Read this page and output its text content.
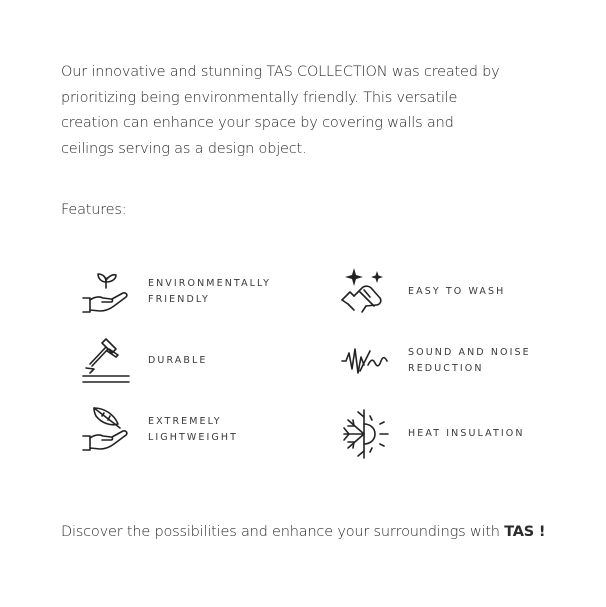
Our innovative and stunning TAS COLLECTION was created by prioritizing being environmentally friendly. This versatile creation can enhance your space by covering walls and ceilings serving as a design object.

Features:

ENVIRONMENTALLY
FRIENDLY
EASY TO WASH
DURABLE
SOUND AND NOISE
REDUCTION
EXTREMELY
LIGHTWEIGHT	HEAT INSULATION

Discover the possibilities and enhance your surroundings with TAS !
